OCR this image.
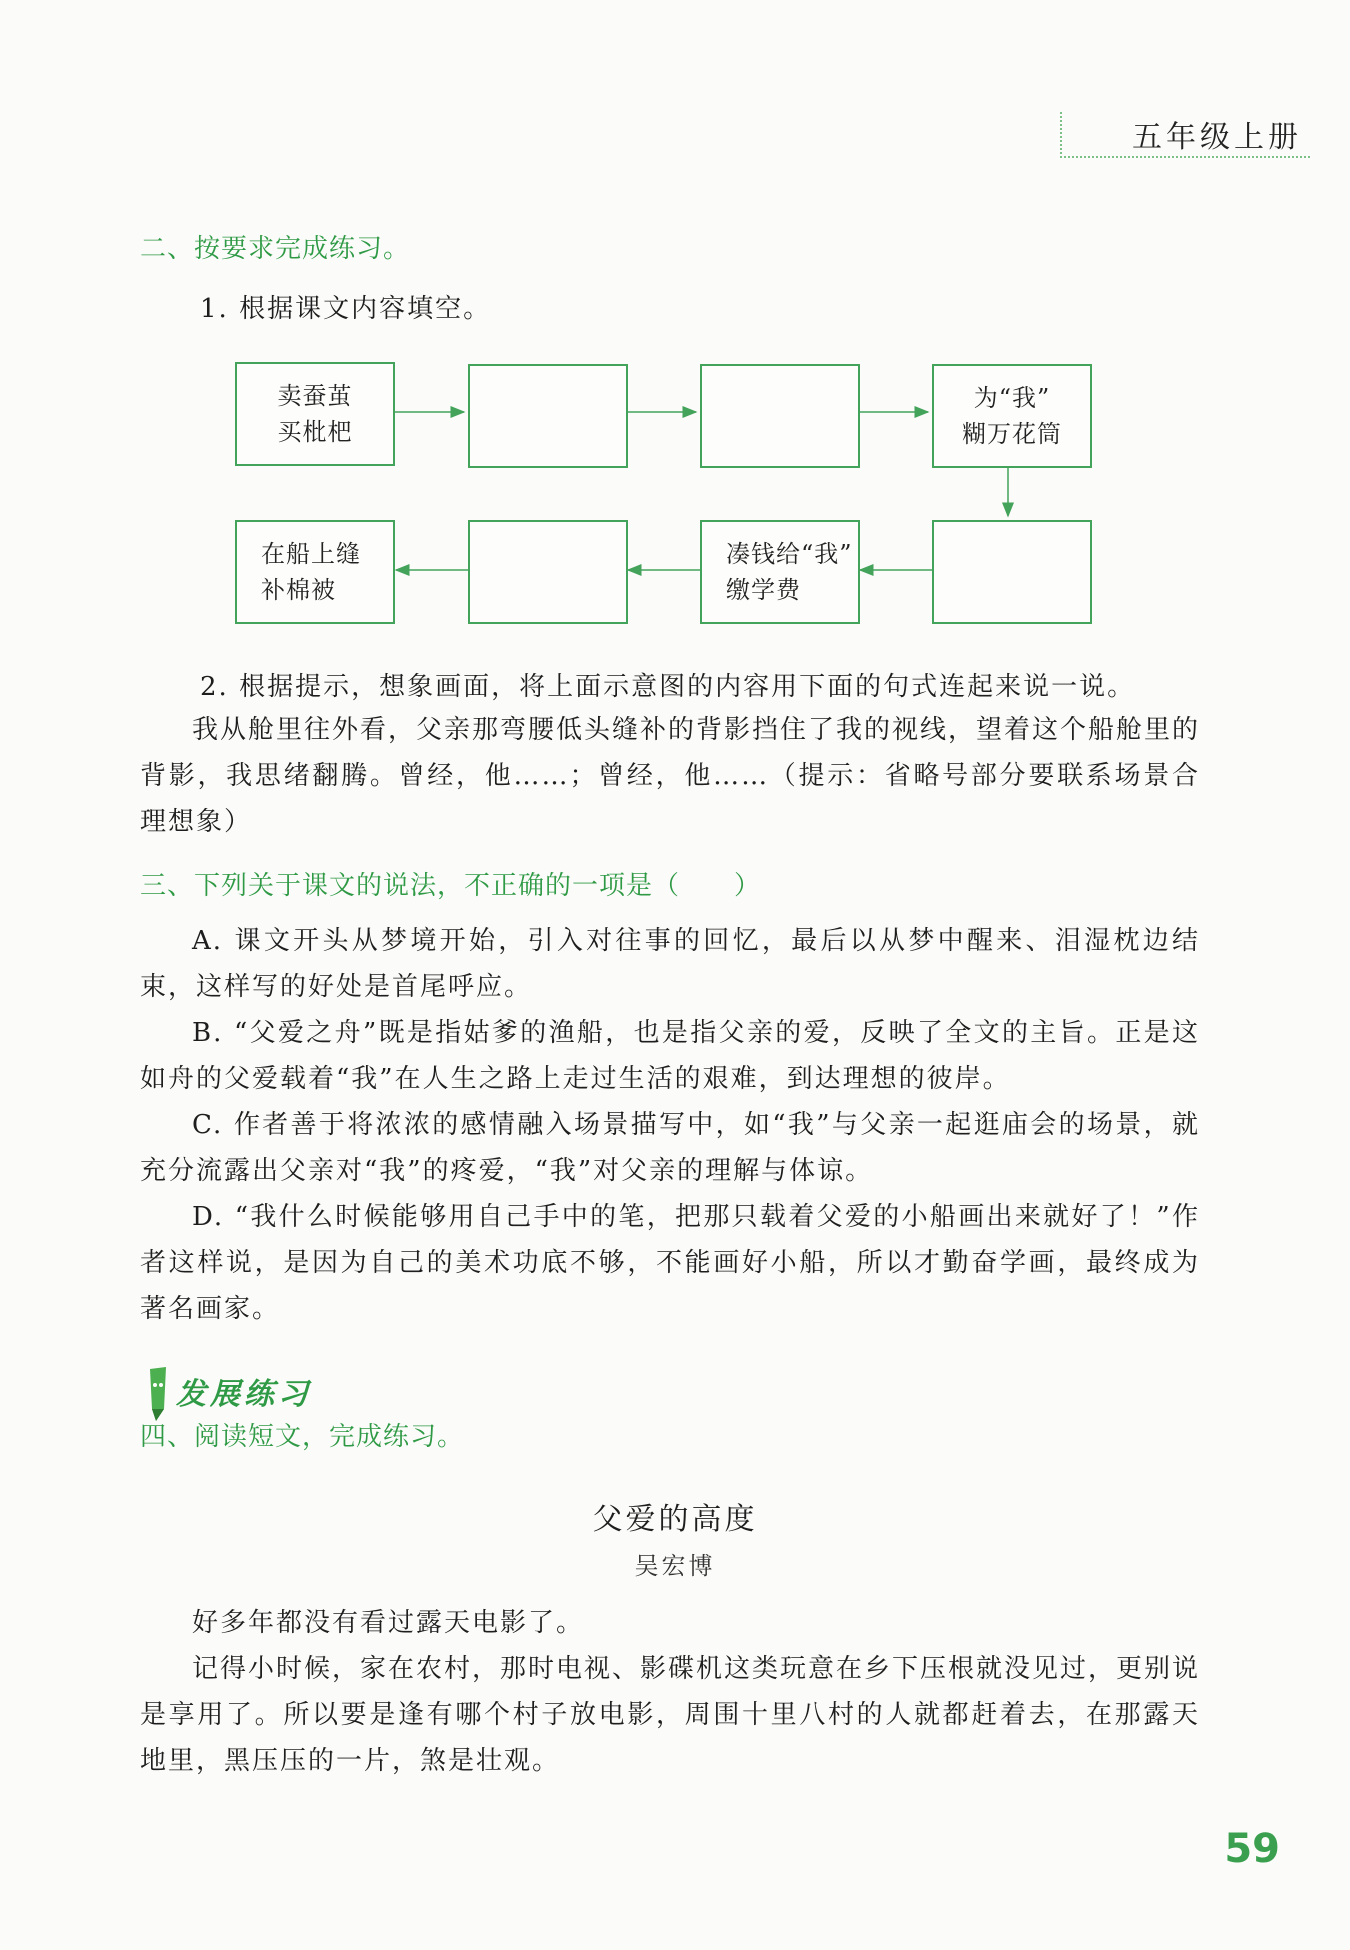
五年级上册
二、按要求完成练习。
1. 根据课文内容填空。
卖蚕茧
买枇杷
为“我”
糊万花筒
凑钱给“我”
缴学费
在船上缝
补棉被
2. 根据提示，想象画面，将上面示意图的内容用下面的句式连起来说一说。

我从舱里往外看，父亲那弯腰低头缝补的背影挡住了我的视线，望着这个船舱里的背影，我思绪翻腾。曾经，他……；曾经，他……（提示：省略号部分要联系场景合理想象）

三、下列关于课文的说法，不正确的一项是（　　）

A. 课文开头从梦境开始，引入对往事的回忆，最后以从梦中醒来、泪湿枕边结束，这样写的好处是首尾呼应。

B. “父爱之舟”既是指姑爹的渔船，也是指父亲的爱，反映了全文的主旨。正是这如舟的父爱载着“我”在人生之路上走过生活的艰难，到达理想的彼岸。

C. 作者善于将浓浓的感情融入场景描写中，如“我”与父亲一起逛庙会的场景，就充分流露出父亲对“我”的疼爱，“我”对父亲的理解与体谅。

D. “我什么时候能够用自己手中的笔，把那只载着父爱的小船画出来就好了！”作者这样说，是因为自己的美术功底不够，不能画好小船，所以才勤奋学画，最终成为著名画家。

发展练习
四、阅读短文，完成练习。
父爱的高度
吴宏博

好多年都没有看过露天电影了。

记得小时候，家在农村，那时电视、影碟机这类玩意在乡下压根就没见过，更别说是享用了。所以要是逢有哪个村子放电影，周围十里八村的人就都赶着去，在那露天地里，黑压压的一片，煞是壮观。

59
